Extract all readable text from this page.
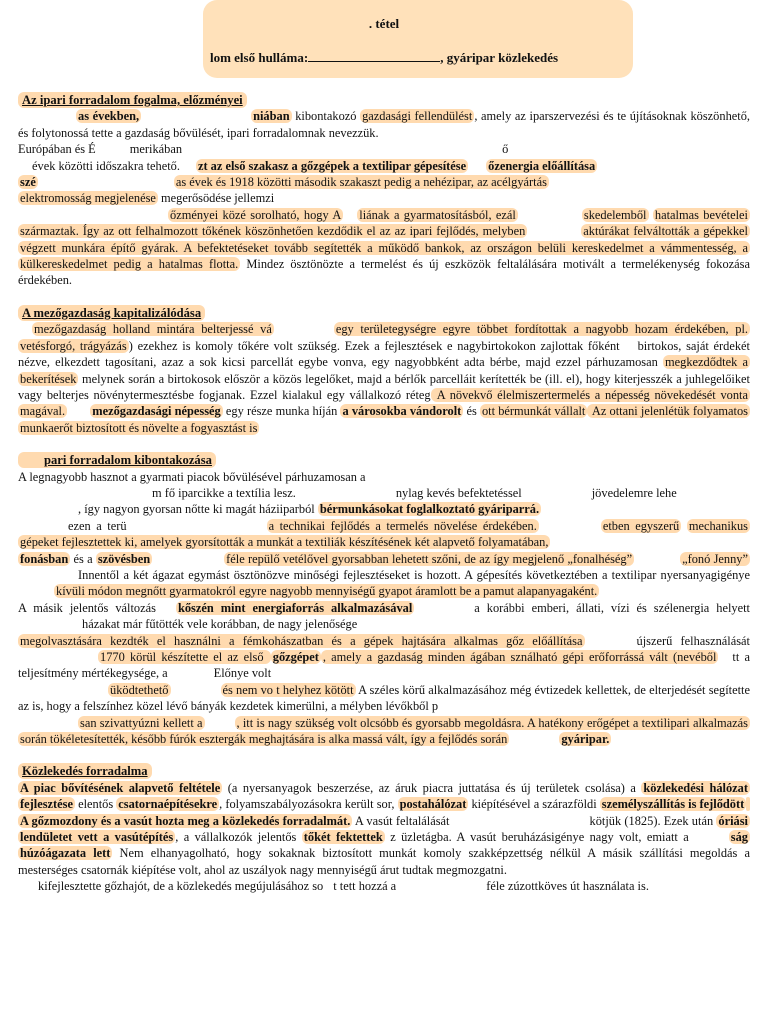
. tétel
lom első hulláma:	, gyáripar közlekedés
Az ipari forradalom fogalma, előzményei

as években,	niában kibontakozó gazdasági fellendülést , amely az iparszervezési és te újításoknak köszönhető, és folytonossá tette a gazdaság bővülését, ipari forradalomnak nevezzük.
Európában és É	merikában	ő
évek közötti időszakra tehető. zt az első szakasz a gőzgépek a textilipar gépesítése őzenergia előállítása
szé	as évek és 1918 közötti második szakaszt pedig a nehézipar, az acélgyártás
elektromosság megjelenése megerősödése jellemzi
őzményei közé sorolható, hogy A liának a gyarmatosításból, ezál	skedelemből hatalmas bevételei származtak. Így az ott felhalmozott tőkének köszönhetően kezdődik el az az ipari fejlődés, melyben	aktúrákat felváltották a gépekkel végzett munkára építő gyárak. A befektetéseket tovább segítették a működő bankok, az országon belüli kereskedelmet a vámmentesség, a külkereskedelmet pedig a hatalmas flotta. Mindez ösztönözte a termelést és új eszközök feltalálására motivált a termelékenység fokozása érdekében.

A mezőgazdaság kapitalizálódása

mezőgazdaság holland mintára belterjessé vá	egy területegységre egyre többet fordítottak a nagyobb hozam érdekében, pl. vetésforgó, trágyázás ) ezekhez is komoly tőkére volt szükség. Ezek a fejlesztések e nagybirtokokon zajlottak főként birtokos, saját érdekét nézve, elkezdett tagosítani, azaz a sok kicsi parcellát egybe vonva, egy nagyobbként adta bérbe, majd ezzel párhuzamosan megkezdődtek a bekerítések melynek során a birtokosok először a közös legelőket, majd a bérlők parcelláit kerítették be (ill. el), hogy kiterjesszék a juhlegelőiket vagy belterjes növénytermesztésbe fogjanak. Ezzel kialakul egy vállalkozó réteg A növekvő élelmiszertermelés a népesség növekedését vonta magával. mezőgazdasági népesség egy része munka híján a városokba vándorolt és ott bérmunkát vállalt Az ottani jelenlétük folyamatos munkaerőt biztosított és növelte a fogyasztást is

pari forradalom kibontakozása

A legnagyobb hasznot a gyarmati piacok bővülésével párhuzamosan a
m fő iparcikke a textília lesz.	nylag kevés befektetéssel	jövedelemre lehe
, így nagyon gyorsan nőtte ki magát háziiparból bérmunkásokat foglalkoztató gyáriparrá.
ezen a terü	a technikai fejlődés a termelés növelése érdekében.	etben egyszerű mechanikus gépeket fejlesztettek ki, amelyek gyorsították a munkát a textiliák készítésének két alapvető folyamatában,
fonásban és a szövésben	féle repülő vetélővel gyorsabban lehetett szőni, de az így megjelenő „fonalhéség”	„fonó Jenny”Innentől a két ágazat egymást ösztönözve minőségi fejlesztéseket is hozott. A gépesítés következtében a textilipar nyersanyagigényekívüli módon megnőtt gyarmatokról egyre nagyobb mennyiségű gyapot áramlott be a pamut alapanyagaként.
A másik jelentős változás kőszén mint energiaforrás alkalmazásával	a korábbi emberi, állati, vízi és szélenergia helyettházakat már fűtötték vele korábban, de nagy jelenősége
megolvasztására kezdték el használni a fémkohászatban és a gépek hajtására alkalmas gőz előállítása	újszerű felhasználását1770 körül készítette el az első gőzgépet , amely a gazdaság minden ágában sználható gépi erőforrássá vált (nevéből tt a teljesítmény mértékegysége, a	Előnye volt
üködtethető	és nem vo t helyhez kötött A széles körű alkalmazásához még évtizedek kellettek, de elterjedését segítette az is, hogy a felszínhez közel lévő bányák kezdetek kimerülni, a mélyben lévőkből p
san szivattyúzni kellett a	, itt is nagy szükség volt olcsóbb és gyorsabb megoldásra. A hatékony erőgépet a textilipari alkalmazás során tökéletesítették, később fúrók esztergák meghajtására is alka massá vált, így a fejlődés során	gyáripar.

Közlekedés forradalma

A piac bővítésének alapvető feltétele (a nyersanyagok beszerzése, az áruk piacra juttatása és új területek csolása) a közlekedési hálózat fejlesztése elentős csatornaépítésekre , folyamszabályozásokra került sor, postahálózat kiépítésével a szárazföldi személyszállítás is fejlődött A gőzmozdony és a vasút hozta meg a közlekedés forradalmát. A vasút feltalálását	kötjük (1825). Ezek után óriási lendületet vett a vasútépítés , a vállalkozók jelentős tőkét fektettek z üzletágba. A vasút beruházásigénye nagy volt, emiatt a	ság húzóágazata lett Nem elhanyagolható, hogy sokaknak biztosított munkát komoly szakképzettség nélkül A másik szállítási megoldás a mesterséges csatornák kiépítése volt, ahol az uszályok nagy mennyiségű árut tudtak megmozgatni.
kifejlesztette gőzhajót, de a közlekedés megújulásához so t tett hozzá a	féle zúzottköves út használata is.
